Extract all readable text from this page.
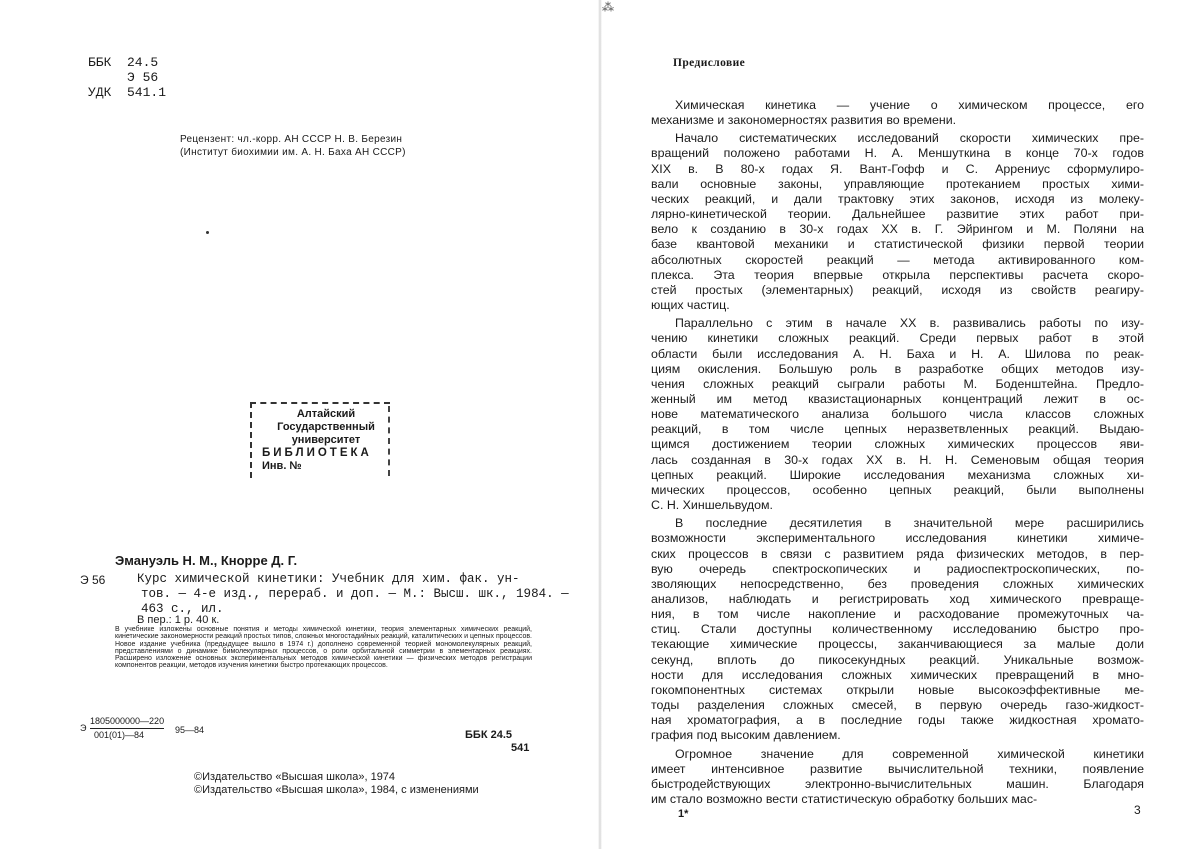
⁂
ББК  24.5
Э 56
УДК  541.1
Рецензент: чл.-корр. АН СССР Н. В. Березин
(Институт биохимии им. А. Н. Баха АН СССР)
Алтайский
Государственный
университет
БИБЛИОТЕКА
Инв. №
Эмануэль Н. М., Кнорре Д. Г.
Э 56	Курс химической кинетики: Учебник для хим. фак. ун-
тов. — 4-е изд., перераб. и доп. — М.: Высш. шк., 1984. —
463 с., ил.
В пер.: 1 р. 40 к.
В учебнике изложены основные понятия и методы химической кинетики, теория элементарных химических реакций, кинетические закономерности реакций простых типов, сложных многостадийных реакций, каталитических и цепных процессов. Новое издание учебника (предыдущее вышло в 1974 г.) дополнено современной теорией мономолекулярных реакций, представлениями о динамике бимолекулярных процессов, о роли орбитальной симметрии в элементарных реакциях. Расширено изложение основных экспериментальных методов химической кинетики — физических методов регистрации компонентов реакции, методов изучения кинетики быстро протекающих процессов.
Э
1805000000—220
001(01)—84	95—84	ББК 24.5
541
©Издательство «Высшая школа», 1974
©Издательство «Высшая школа», 1984, с изменениями
Предисловие

Химическая кинетика — учение о химическом процессе, его
механизме и закономерностях развития во времени.

Начало систематических исследований скорости химических пре-
вращений положено работами Н. А. Меншуткина в конце 70-х годов
XIX в. В 80-х годах Я. Вант-Гофф и С. Аррениус сформулиро-
вали основные законы, управляющие протеканием простых хими-
ческих реакций, и дали трактовку этих законов, исходя из молеку-
лярно-кинетической теории. Дальнейшее развитие этих работ при-
вело к созданию в 30-х годах XX в. Г. Эйрингом и М. Поляни на
базе квантовой механики и статистической физики первой теории
абсолютных скоростей реакций — метода активированного ком-
плекса. Эта теория впервые открыла перспективы расчета скоро-
стей простых (элементарных) реакций, исходя из свойств реагиру-
ющих частиц.

Параллельно с этим в начале XX в. развивались работы по изу-
чению кинетики сложных реакций. Среди первых работ в этой
области были исследования А. Н. Баха и Н. А. Шилова по реак-
циям окисления. Большую роль в разработке общих методов изу-
чения сложных реакций сыграли работы М. Боденштейна. Предло-
женный им метод квазистационарных концентраций лежит в ос-
нове математического анализа большого числа классов сложных
реакций, в том числе цепных неразветвленных реакций. Выдаю-
щимся достижением теории сложных химических процессов яви-
лась созданная в 30-х годах XX в. Н. Н. Семеновым общая теория
цепных реакций. Широкие исследования механизма сложных хи-
мических процессов, особенно цепных реакций, были выполнены
С. Н. Хиншельвудом.

В последние десятилетия в значительной мере расширились
возможности экспериментального исследования кинетики химиче-
ских процессов в связи с развитием ряда физических методов, в пер-
вую очередь спектроскопических и радиоспектроскопических, по-
зволяющих непосредственно, без проведения сложных химических
анализов, наблюдать и регистрировать ход химического превраще-
ния, в том числе накопление и расходование промежуточных ча-
стиц. Стали доступны количественному исследованию быстро про-
текающие химические процессы, заканчивающиеся за малые доли
секунд, вплоть до пикосекундных реакций. Уникальные возмож-
ности для исследования сложных химических превращений в мно-
гокомпонентных системах открыли новые высокоэффективные ме-
тоды разделения сложных смесей, в первую очередь газо-жидкост-
ная хроматография, а в последние годы также жидкостная хромато-
графия под высоким давлением.

Огромное значение для современной химической кинетики
имеет интенсивное развитие вычислительной техники, появление
быстродействующих электронно-вычислительных машин. Благодаря
им стало возможно вести статистическую обработку больших мас-

1*	3
